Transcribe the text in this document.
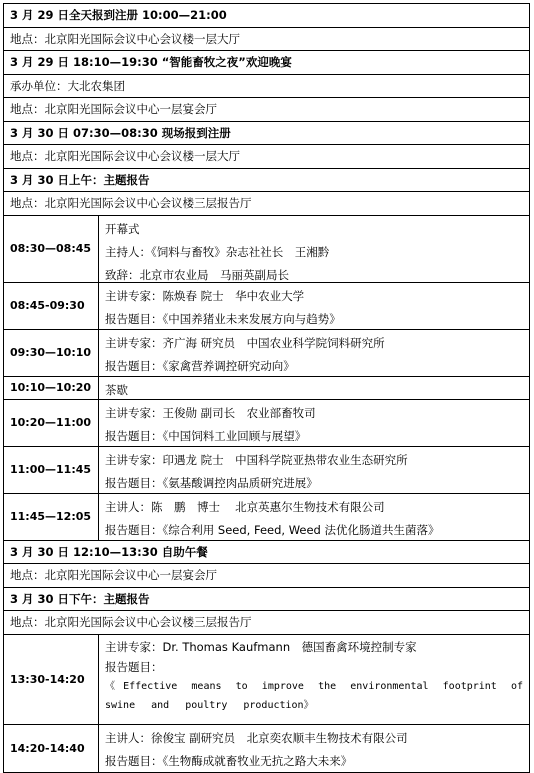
3 月 29 日全天报到注册 10:00—21:00
地点：北京阳光国际会议中心会议楼一层大厅
3 月 29 日 18:10—19:30 “智能畜牧之夜”欢迎晚宴
承办单位：大北农集团
地点：北京阳光国际会议中心一层宴会厅
3 月 30 日 07:30—08:30 现场报到注册
地点：北京阳光国际会议中心会议楼一层大厅
3 月 30 日上午：主题报告
地点：北京阳光国际会议中心会议楼三层报告厅
08:30—08:45
开幕式
主持人：《饲料与畜牧》杂志社社长　王湘黔
致辞：北京市农业局　马丽英副局长
08:45-09:30
主讲专家：陈焕春 院士　华中农业大学
报告题目：《中国养猪业未来发展方向与趋势》
09:30—10:10
主讲专家：齐广海 研究员　中国农业科学院饲料研究所
报告题目：《家禽营养调控研究动向》
10:10—10:20	茶歇
10:20—11:00
主讲专家：王俊勋 副司长　农业部畜牧司
报告题目：《中国饲料工业回顾与展望》
11:00—11:45
主讲专家：印遇龙 院士　中国科学院亚热带农业生态研究所
报告题目：《氨基酸调控肉品质研究进展》
11:45—12:05
主讲人：陈　鹏　博士　 北京英惠尔生物技术有限公司
报告题目：《综合利用 Seed, Feed, Weed 法优化肠道共生菌落》
3 月 30 日 12:10—13:30 自助午餐
地点：北京阳光国际会议中心一层宴会厅
3 月 30 日下午：主题报告
地点：北京阳光国际会议中心会议楼三层报告厅
13:30-14:20
主讲专家：Dr. Thomas Kaufmann　德国畜禽环境控制专家
报告题目：
《Effective means to improve the environmental footprint of
swine and poultry production》
14:20-14:40
主讲人：徐俊宝 副研究员　北京奕农顺丰生物技术有限公司
报告题目：《生物酶成就畜牧业无抗之路大未来》
